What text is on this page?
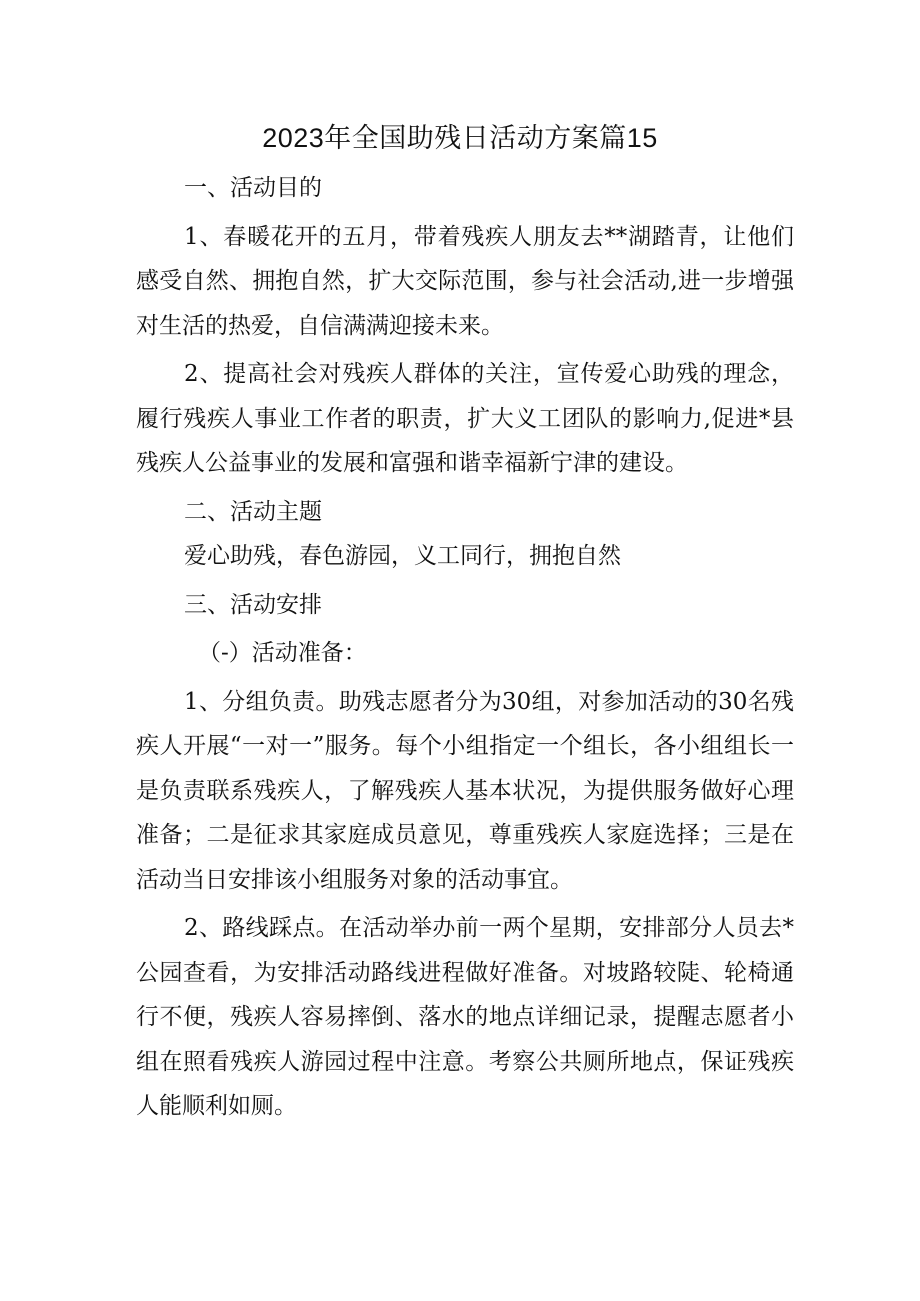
2023年全国助残日活动方案篇15

一、活动目的

1、春暖花开的五月，带着残疾人朋友去**湖踏青，让他们感受自然、拥抱自然，扩大交际范围，参与社会活动,进一步增强对生活的热爱，自信满满迎接未来。

2、提高社会对残疾人群体的关注，宣传爱心助残的理念，履行残疾人事业工作者的职责，扩大义工团队的影响力,促进*县残疾人公益事业的发展和富强和谐幸福新宁津的建设。

二、活动主题

爱心助残，春色游园，义工同行，拥抱自然

三、活动安排

（-）活动准备：

1、分组负责。助残志愿者分为30组，对参加活动的30名残疾人开展“一对一”服务。每个小组指定一个组长，各小组组长一是负责联系残疾人，了解残疾人基本状况，为提供服务做好心理准备；二是征求其家庭成员意见，尊重残疾人家庭选择；三是在活动当日安排该小组服务对象的活动事宜。

2、路线踩点。在活动举办前一两个星期，安排部分人员去*公园查看，为安排活动路线进程做好准备。对坡路较陡、轮椅通行不便，残疾人容易摔倒、落水的地点详细记录，提醒志愿者小组在照看残疾人游园过程中注意。考察公共厕所地点，保证残疾人能顺利如厕。
